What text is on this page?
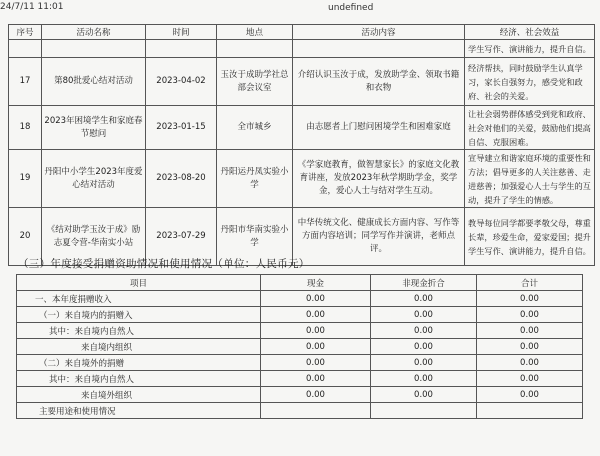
24/7/11 11:01	undefined
序号	活动名称	时间	地点	活动内容	经济、社会效益
					学生写作、演讲能力，提升自信。
17	第80批爱心结对活动	2023-04-02	玉汝于成助学社总部会议室	介绍认识玉汝于成，发放助学金、领取书籍和衣物	经济帮扶，同时鼓励学生认真学习，家长自强努力，感受党和政府、社会的关爱。
18	2023年困境学生和家庭春节慰问	2023-01-15	全市城乡	由志愿者上门慰问困境学生和困难家庭	让社会弱势群体感受到党和政府、社会对他们的关爱，鼓励他们提高自信、克服困难。
19	丹阳中小学生2023年度爱心结对活动	2023-08-20	丹阳运丹凤实验小学	《学家庭教育，做智慧家长》的家庭文化教育讲座，发放2023年秋学期助学金，奖学金，爱心人士与结对学生互动。	宣导建立和谐家庭环境的重要性和方法；倡导更多的人关注慈善、走进慈善；加强爱心人士与学生的互动，提升了学生的情感。
20	《结对助学玉汝于成》励志夏令营-华南实小站	2023-07-29	丹阳市华南实验小学	中华传统文化、健康成长方面内容、写作等方面内容培训；同学写作并演讲，老师点评。	教导每位同学都要孝敬父母，尊重长辈，珍爱生命，爱家爱国；提升学生写作、演讲能力，提升自信。
（三）年度接受捐赠资助情况和使用情况（单位：人民币元）
项目	现金	非现金折合	合计
一、本年度捐赠收入	0.00	0.00	0.00
（一）来自境内的捐赠入	0.00	0.00	0.00
其中：来自境内自然人	0.00	0.00	0.00
来自境内组织	0.00	0.00	0.00
（二）来自境外的捐赠	0.00	0.00	0.00
其中：来自境内自然人	0.00	0.00	0.00
来自境外组织	0.00	0.00	0.00
主要用途和使用情况			
